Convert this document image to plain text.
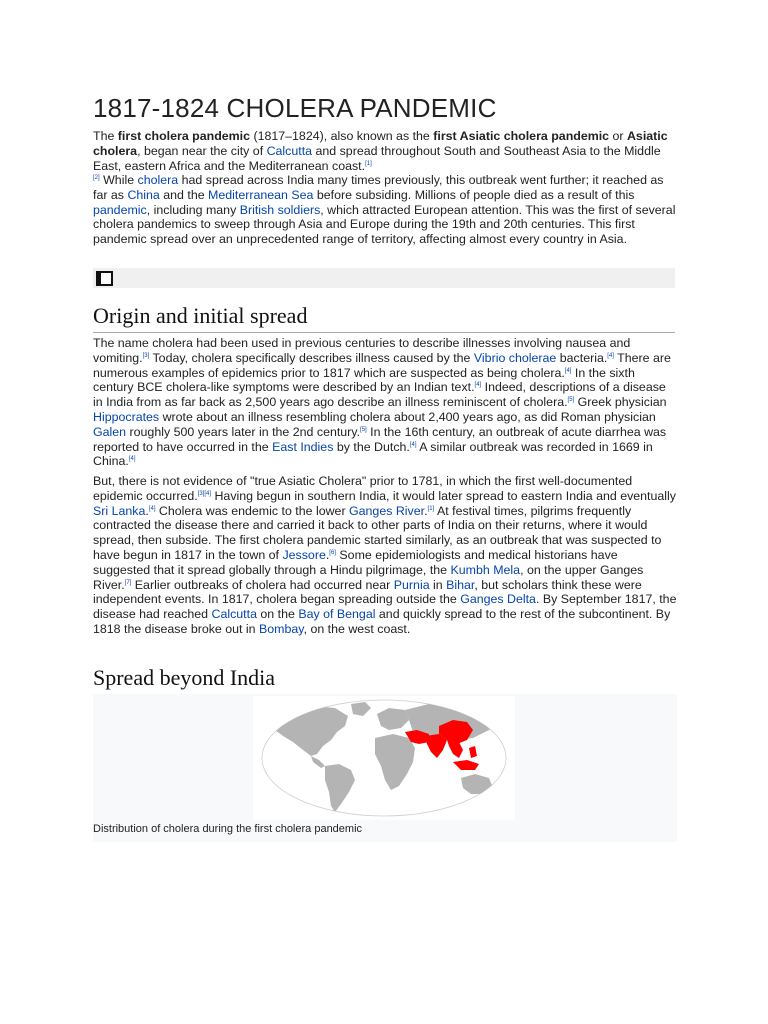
1817-1824 CHOLERA PANDEMIC

The first cholera pandemic (1817–1824), also known as the first Asiatic cholera pandemic or Asiatic cholera, began near the city of Calcutta and spread throughout South and Southeast Asia to the Middle East, eastern Africa and the Mediterranean coast.[1]

[2] While cholera had spread across India many times previously, this outbreak went further; it reached as far as China and the Mediterranean Sea before subsiding. Millions of people died as a result of this pandemic, including many British soldiers, which attracted European attention. This was the first of several cholera pandemics to sweep through Asia and Europe during the 19th and 20th centuries. This first pandemic spread over an unprecedented range of territory, affecting almost every country in Asia.

Origin and initial spread

The name cholera had been used in previous centuries to describe illnesses involving nausea and vomiting.[3] Today, cholera specifically describes illness caused by the Vibrio cholerae bacteria.[4] There are numerous examples of epidemics prior to 1817 which are suspected as being cholera.[4] In the sixth century BCE cholera-like symptoms were described by an Indian text.[4] Indeed, descriptions of a disease in India from as far back as 2,500 years ago describe an illness reminiscent of cholera.[5] Greek physician Hippocrates wrote about an illness resembling cholera about 2,400 years ago, as did Roman physician Galen roughly 500 years later in the 2nd century.[5] In the 16th century, an outbreak of acute diarrhea was reported to have occurred in the East Indies by the Dutch.[4] A similar outbreak was recorded in 1669 in China.[4]

But, there is not evidence of "true Asiatic Cholera" prior to 1781, in which the first well-documented epidemic occurred.[3][4] Having begun in southern India, it would later spread to eastern India and eventually Sri Lanka.[4] Cholera was endemic to the lower Ganges River.[1] At festival times, pilgrims frequently contracted the disease there and carried it back to other parts of India on their returns, where it would spread, then subside. The first cholera pandemic started similarly, as an outbreak that was suspected to have begun in 1817 in the town of Jessore.[6] Some epidemiologists and medical historians have suggested that it spread globally through a Hindu pilgrimage, the Kumbh Mela, on the upper Ganges River.[7] Earlier outbreaks of cholera had occurred near Purnia in Bihar, but scholars think these were independent events. In 1817, cholera began spreading outside the Ganges Delta. By September 1817, the disease had reached Calcutta on the Bay of Bengal and quickly spread to the rest of the subcontinent. By 1818 the disease broke out in Bombay, on the west coast.

Spread beyond India
Distribution of cholera during the first cholera pandemic
